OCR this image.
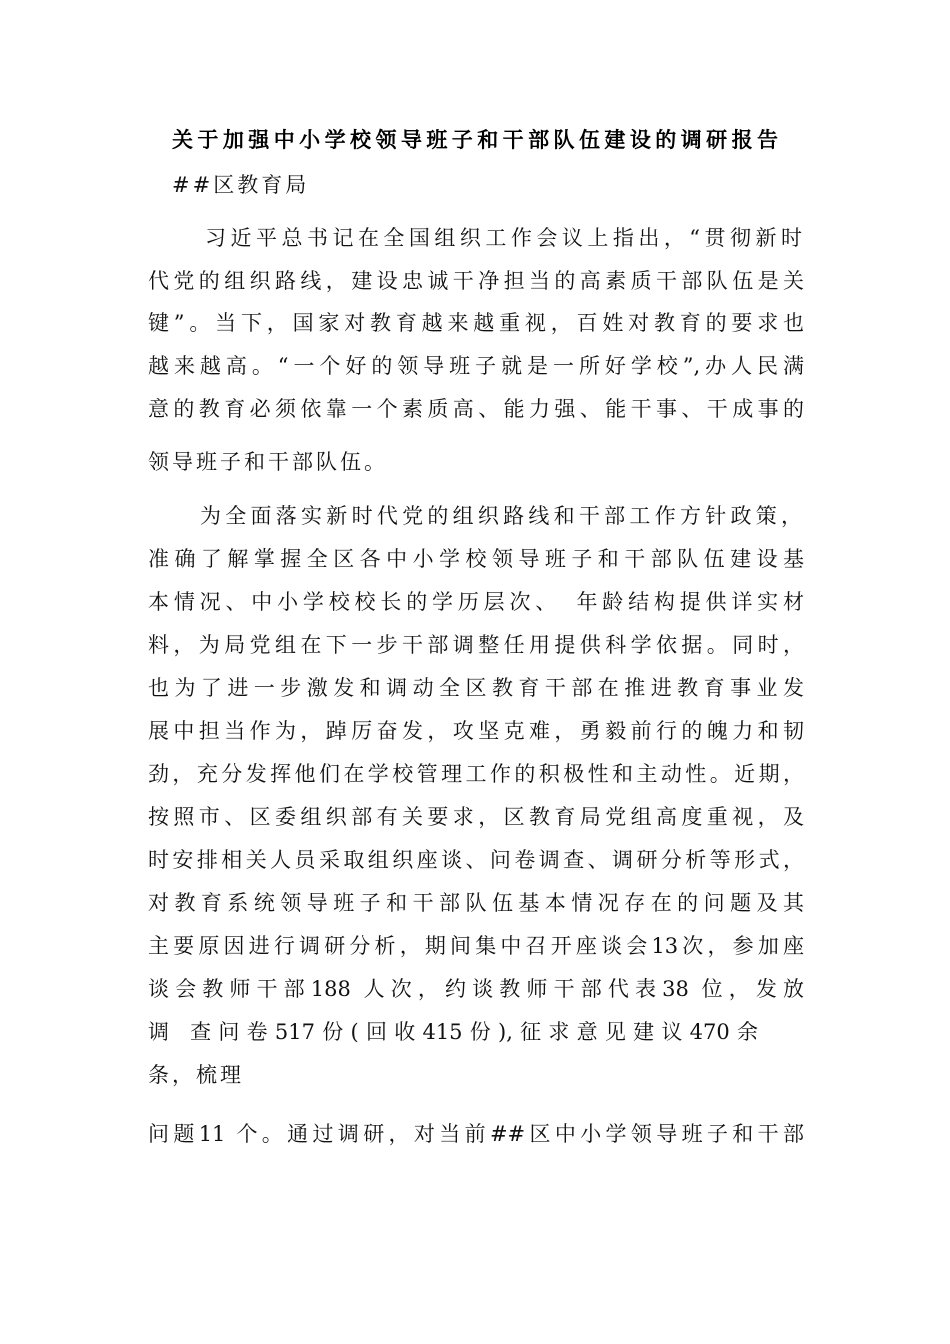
关于加强中小学校领导班子和干部队伍建设的调研报告
##区教育局
习近平总书记在全国组织工作会议上指出，“贯彻新时
代党的组织路线，建设忠诚干净担当的高素质干部队伍是关
键”。当下，国家对教育越来越重视，百姓对教育的要求也
越来越高。“一个好的领导班子就是一所好学校”,办人民满
意的教育必须依靠一个素质高、能力强、能干事、干成事的
领导班子和干部队伍。
为全面落实新时代党的组织路线和干部工作方针政策，
准确了解掌握全区各中小学校领导班子和干部队伍建设基
本情况、中小学校校长的学历层次、　年龄结构提供详实材
料，为局党组在下一步干部调整任用提供科学依据。同时，
也为了进一步激发和调动全区教育干部在推进教育事业发
展中担当作为，踔厉奋发，攻坚克难，勇毅前行的魄力和韧
劲，充分发挥他们在学校管理工作的积极性和主动性。近期，
按照市、区委组织部有关要求，区教育局党组高度重视，及
时安排相关人员采取组织座谈、问卷调查、调研分析等形式，
对教育系统领导班子和干部队伍基本情况存在的问题及其
主要原因进行调研分析，期间集中召开座谈会13次，参加座
谈会教师干部188 人次，约谈教师干部代表38 位，发放
调 查问卷517份(回收415份),征求意见建议470余
条，梳理
问题11 个。通过调研，对当前##区中小学领导班子和干部
